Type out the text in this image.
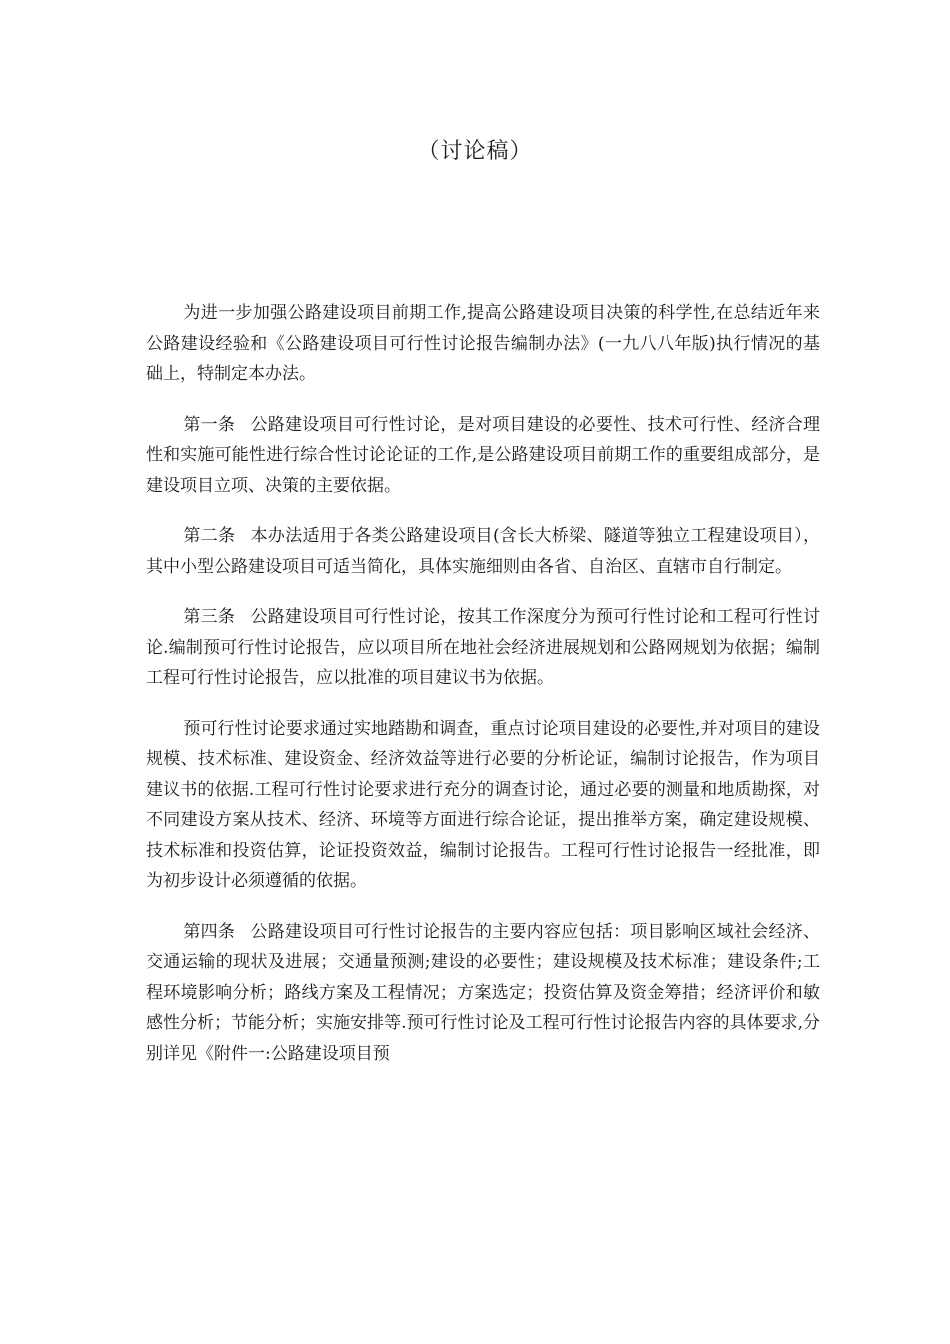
（讨论稿）

为进一步加强公路建设项目前期工作,提高公路建设项目决策的科学性,在总结近年来公路建设经验和《公路建设项目可行性讨论报告编制办法》(一九八八年版)执行情况的基础上，特制定本办法。

第一条 公路建设项目可行性讨论，是对项目建设的必要性、技术可行性、经济合理性和实施可能性进行综合性讨论论证的工作,是公路建设项目前期工作的重要组成部分，是建设项目立项、决策的主要依据。

第二条 本办法适用于各类公路建设项目(含长大桥梁、隧道等独立工程建设项目），其中小型公路建设项目可适当简化，具体实施细则由各省、自治区、直辖市自行制定。

第三条 公路建设项目可行性讨论，按其工作深度分为预可行性讨论和工程可行性讨论.编制预可行性讨论报告，应以项目所在地社会经济进展规划和公路网规划为依据；编制工程可行性讨论报告，应以批准的项目建议书为依据。

预可行性讨论要求通过实地踏勘和调查，重点讨论项目建设的必要性,并对项目的建设规模、技术标准、建设资金、经济效益等进行必要的分析论证，编制讨论报告，作为项目建议书的依据.工程可行性讨论要求进行充分的调查讨论，通过必要的测量和地质勘探，对不同建设方案从技术、经济、环境等方面进行综合论证，提出推举方案，确定建设规模、技术标准和投资估算，论证投资效益，编制讨论报告。工程可行性讨论报告一经批准，即为初步设计必须遵循的依据。

第四条 公路建设项目可行性讨论报告的主要内容应包括：项目影响区域社会经济、交通运输的现状及进展；交通量预测;建设的必要性；建设规模及技术标准；建设条件;工程环境影响分析；路线方案及工程情况；方案选定；投资估算及资金筹措；经济评价和敏感性分析；节能分析；实施安排等.预可行性讨论及工程可行性讨论报告内容的具体要求,分别详见《附件一:公路建设项目预
